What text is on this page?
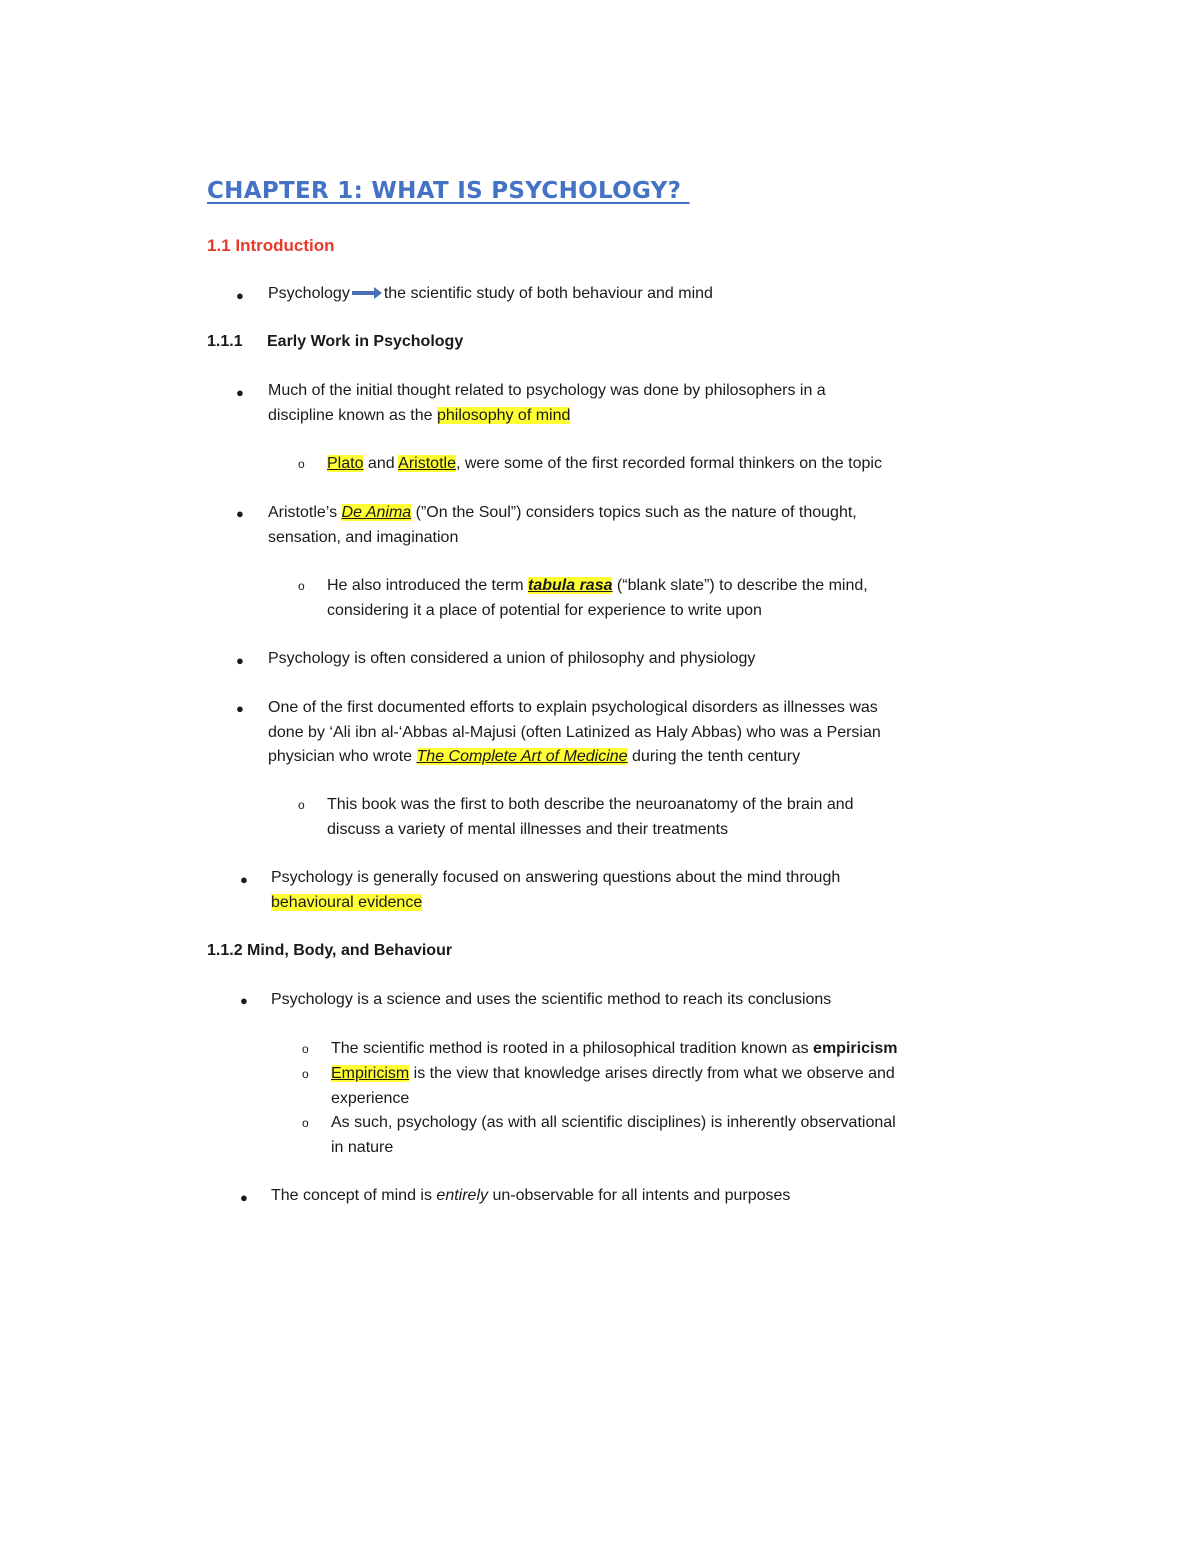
CHAPTER 1: WHAT IS PSYCHOLOGY?
1.1 Introduction
● Psychology the scientific study of both behaviour and mind
1.1.1 Early Work in Psychology
● Much of the initial thought related to psychology was done by philosophers in a
discipline known as the philosophy of mind
o Plato and Aristotle, were some of the first recorded formal thinkers on the topic
● Aristotle’s De Anima (”On the Soul”) considers topics such as the nature of thought,
sensation, and imagination
o He also introduced the term tabula rasa (“blank slate”) to describe the mind,
considering it a place of potential for experience to write upon
● Psychology is often considered a union of philosophy and physiology
● One of the first documented efforts to explain psychological disorders as illnesses was
done by ‘Ali ibn al-‘Abbas al-Majusi (often Latinized as Haly Abbas) who was a Persian
physician who wrote The Complete Art of Medicine during the tenth century
o This book was the first to both describe the neuroanatomy of the brain and
discuss a variety of mental illnesses and their treatments
● Psychology is generally focused on answering questions about the mind through
behavioural evidence
1.1.2 Mind, Body, and Behaviour
● Psychology is a science and uses the scientific method to reach its conclusions
o The scientific method is rooted in a philosophical tradition known as empiricism
o Empiricism is the view that knowledge arises directly from what we observe and
experience
o As such, psychology (as with all scientific disciplines) is inherently observational
in nature
● The concept of mind is entirely un-observable for all intents and purposes
